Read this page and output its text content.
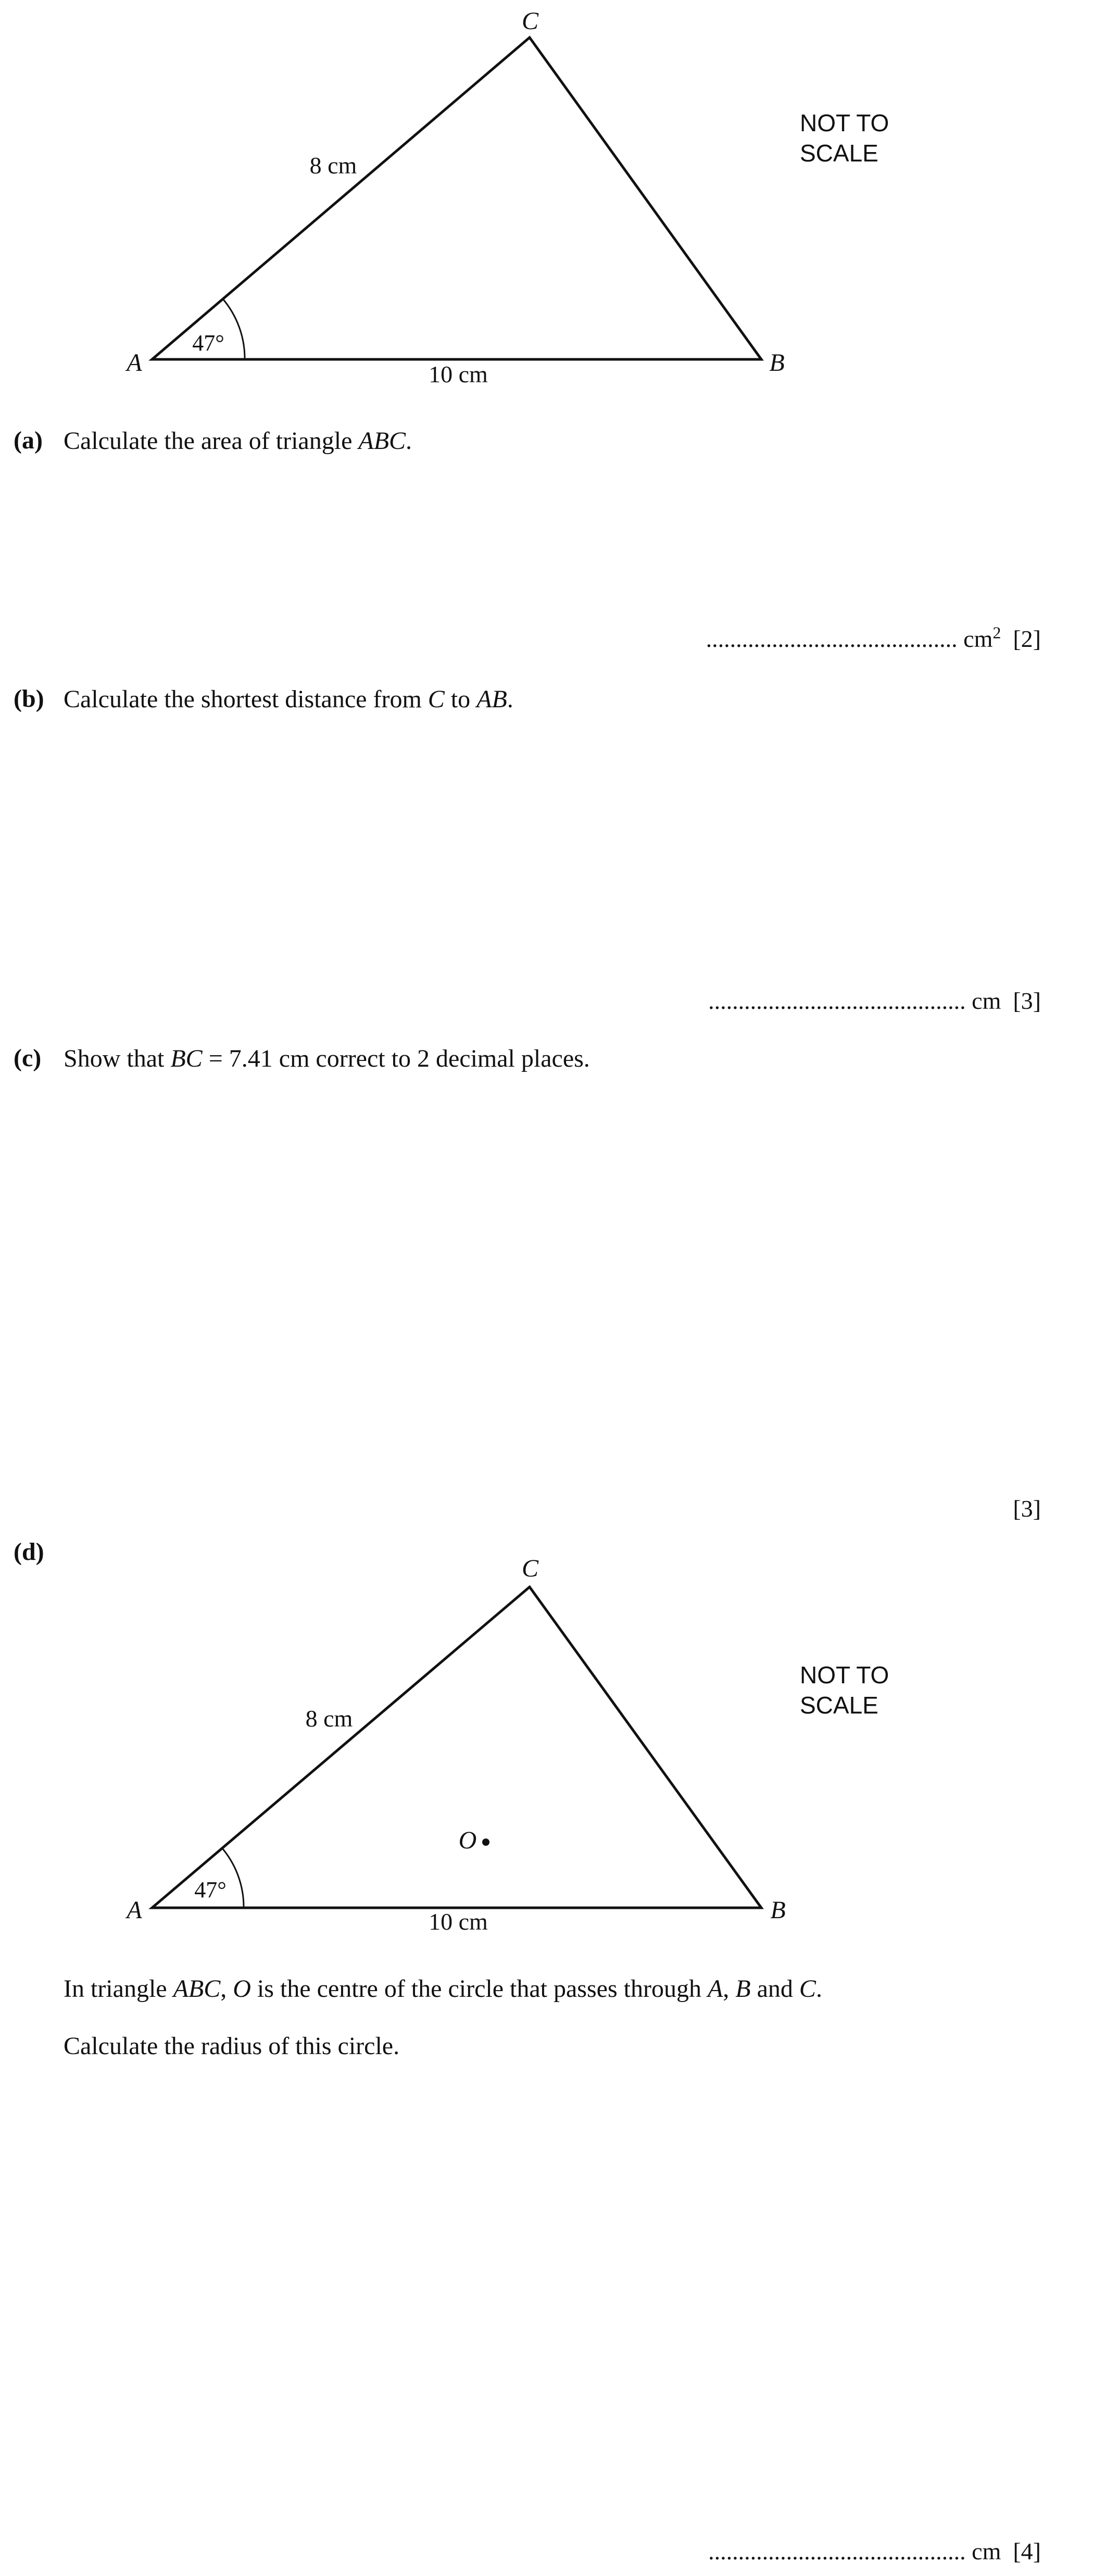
C
A	B
8 cm
10 cm
47°
NOT TO
SCALE
(a) Calculate the area of triangle ABC.
.......................................... $cm^2$ [2]
(b) Calculate the shortest distance from C to AB.
........................................... cm [3]
(c) Show that BC = 7.41 cm correct to 2 decimal places.
[3]
(d)
O
C
A	B
8 cm
10 cm
47°
NOT TO
SCALE
In triangle ABC, O is the centre of the circle that passes through A, B and C.
Calculate the radius of this circle.
........................................... cm [4]
